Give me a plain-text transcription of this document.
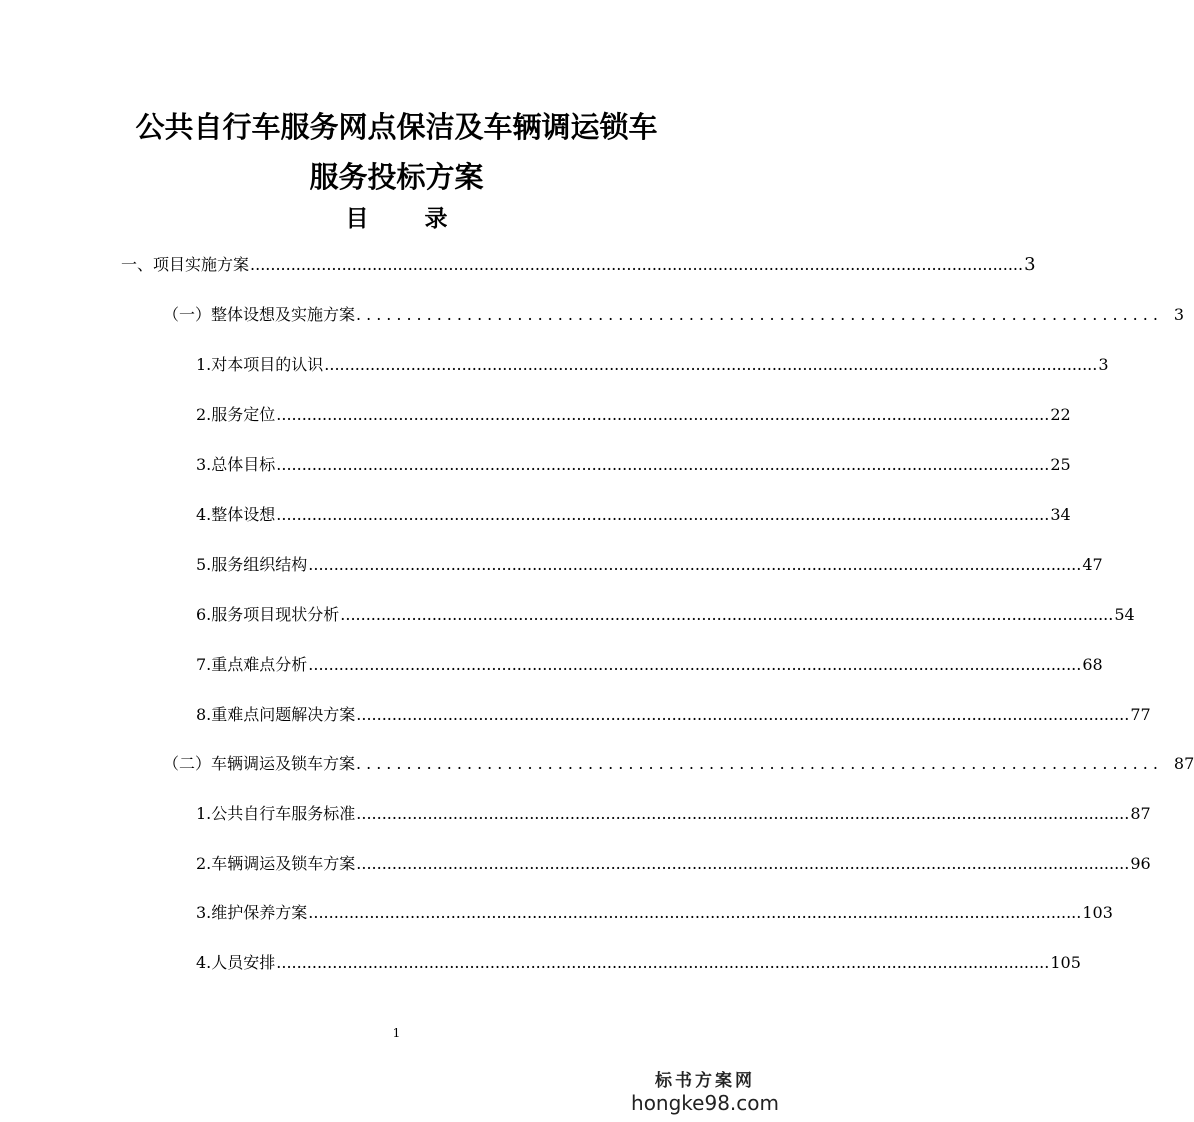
公共自行车服务网点保洁及车辆调运锁车
服务投标方案
目 录
一、 项目实施方案 ........................................................................................................................................................ 3
（一） 整体设想及实施方案 ................................................................................ 3
1. 对本项目的认识 ........................................................................................................................................................ 3
2. 服务定位 ........................................................................................................................................................ 22
3. 总体目标 ........................................................................................................................................................ 25
4. 整体设想 ........................................................................................................................................................ 34
5. 服务组织结构 ........................................................................................................................................................ 47
6. 服务项目现状分析 ........................................................................................................................................................ 54
7. 重点难点分析 ........................................................................................................................................................ 68
8. 重难点问题解决方案 ........................................................................................................................................................ 77
（二） 车辆调运及锁车方案 ................................................................................ 87
1. 公共自行车服务标准 ........................................................................................................................................................ 87
2. 车辆调运及锁车方案 ........................................................................................................................................................ 96
3. 维护保养方案 ........................................................................................................................................................ 103
4. 人员安排 ........................................................................................................................................................ 105
1
标书方案网
hongke98.com
